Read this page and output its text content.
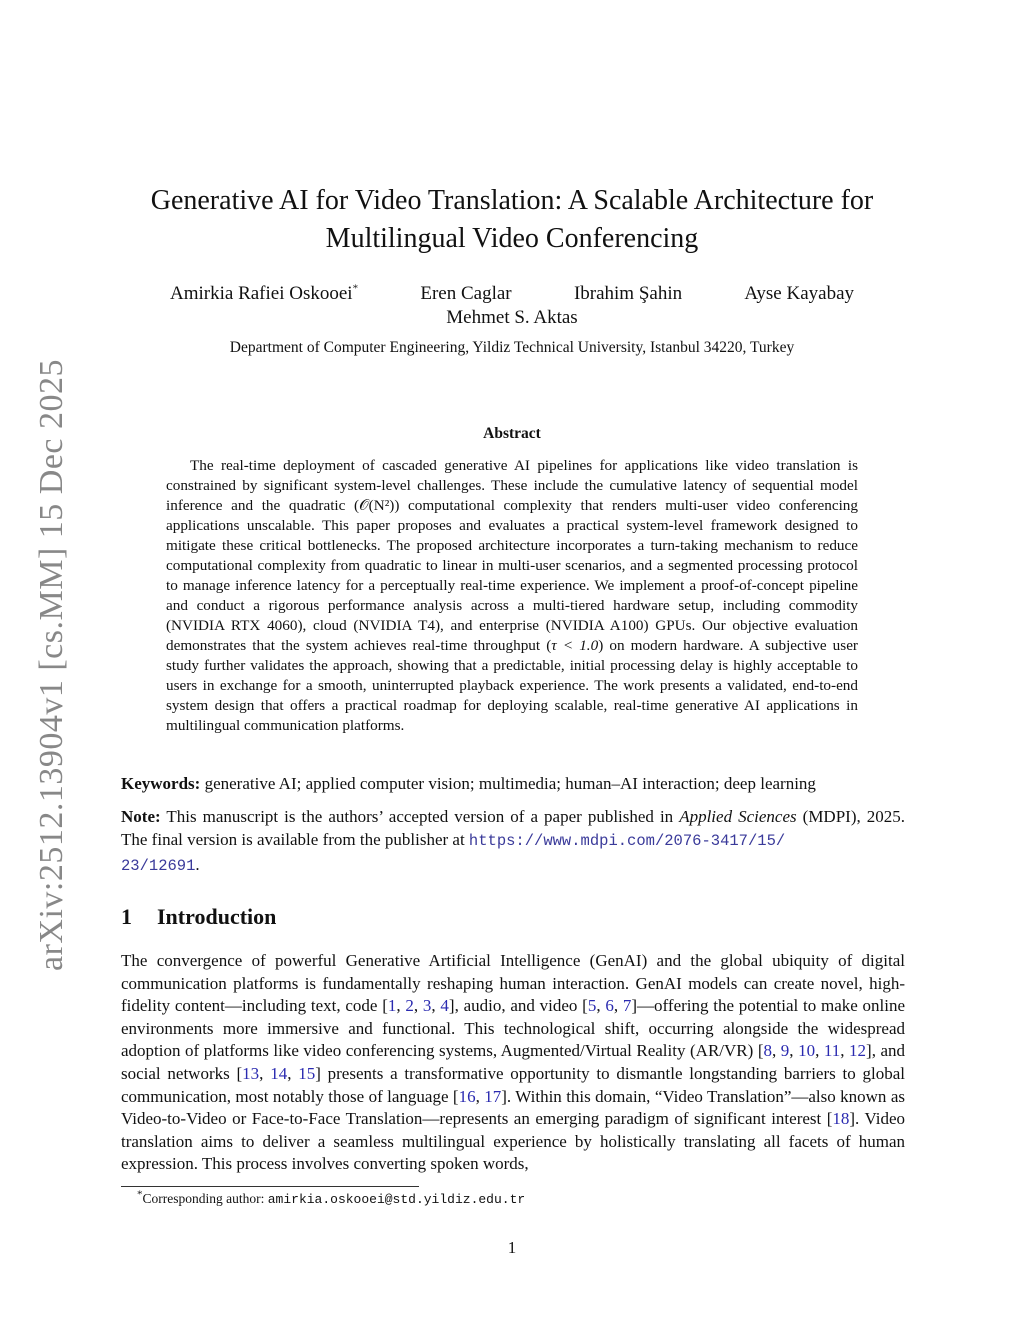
arXiv:2512.13904v1 [cs.MM] 15 Dec 2025
Generative AI for Video Translation: A Scalable Architecture for
Multilingual Video Conferencing
Amirkia Rafiei Oskooei*	Eren Caglar	Ibrahim Şahin	Ayse Kayabay
Mehmet S. Aktas
Department of Computer Engineering, Yildiz Technical University, Istanbul 34220, Turkey
Abstract

The real-time deployment of cascaded generative AI pipelines for applications like video translation is constrained by significant system-level challenges. These include the cumulative latency of sequential model inference and the quadratic (𝒪(N²)) computational complexity that renders multi-user video conferencing applications unscalable. This paper proposes and evaluates a practical system-level framework designed to mitigate these critical bottlenecks. The proposed architecture incorporates a turn-taking mechanism to reduce computational complexity from quadratic to linear in multi-user scenarios, and a segmented processing protocol to manage inference latency for a perceptually real-time experience. We implement a proof-of-concept pipeline and conduct a rigorous performance analysis across a multi-tiered hardware setup, including commodity (NVIDIA RTX 4060), cloud (NVIDIA T4), and enterprise (NVIDIA A100) GPUs. Our objective evaluation demonstrates that the system achieves real-time throughput (τ < 1.0) on modern hardware. A subjective user study further validates the approach, showing that a predictable, initial processing delay is highly acceptable to users in exchange for a smooth, uninterrupted playback experience. The work presents a validated, end-to-end system design that offers a practical roadmap for deploying scalable, real-time generative AI applications in multilingual communication platforms.

Keywords: generative AI; applied computer vision; multimedia; human–AI interaction; deep learning

Note: This manuscript is the authors’ accepted version of a paper published in Applied Sciences (MDPI), 2025. The final version is available from the publisher at https://www.mdpi.com/2076-3417/15/
23/12691.

1 Introduction

The convergence of powerful Generative Artificial Intelligence (GenAI) and the global ubiquity of digital communication platforms is fundamentally reshaping human interaction. GenAI models can create novel, high-fidelity content—including text, code [1, 2, 3, 4], audio, and video [5, 6, 7]—offering the potential to make online environments more immersive and functional. This technological shift, occurring alongside the widespread adoption of platforms like video conferencing systems, Augmented/Virtual Reality (AR/VR) [8, 9, 10, 11, 12], and social networks [13, 14, 15] presents a transformative opportunity to dismantle longstanding barriers to global communication, most notably those of language [16, 17]. Within this domain, “Video Translation”—also known as Video-to-Video or Face-to-Face Translation—represents an emerging paradigm of significant interest [18]. Video translation aims to deliver a seamless multilingual experience by holistically translating all facets of human expression. This process involves converting spoken words,

*Corresponding author: amirkia.oskooei@std.yildiz.edu.tr

1
